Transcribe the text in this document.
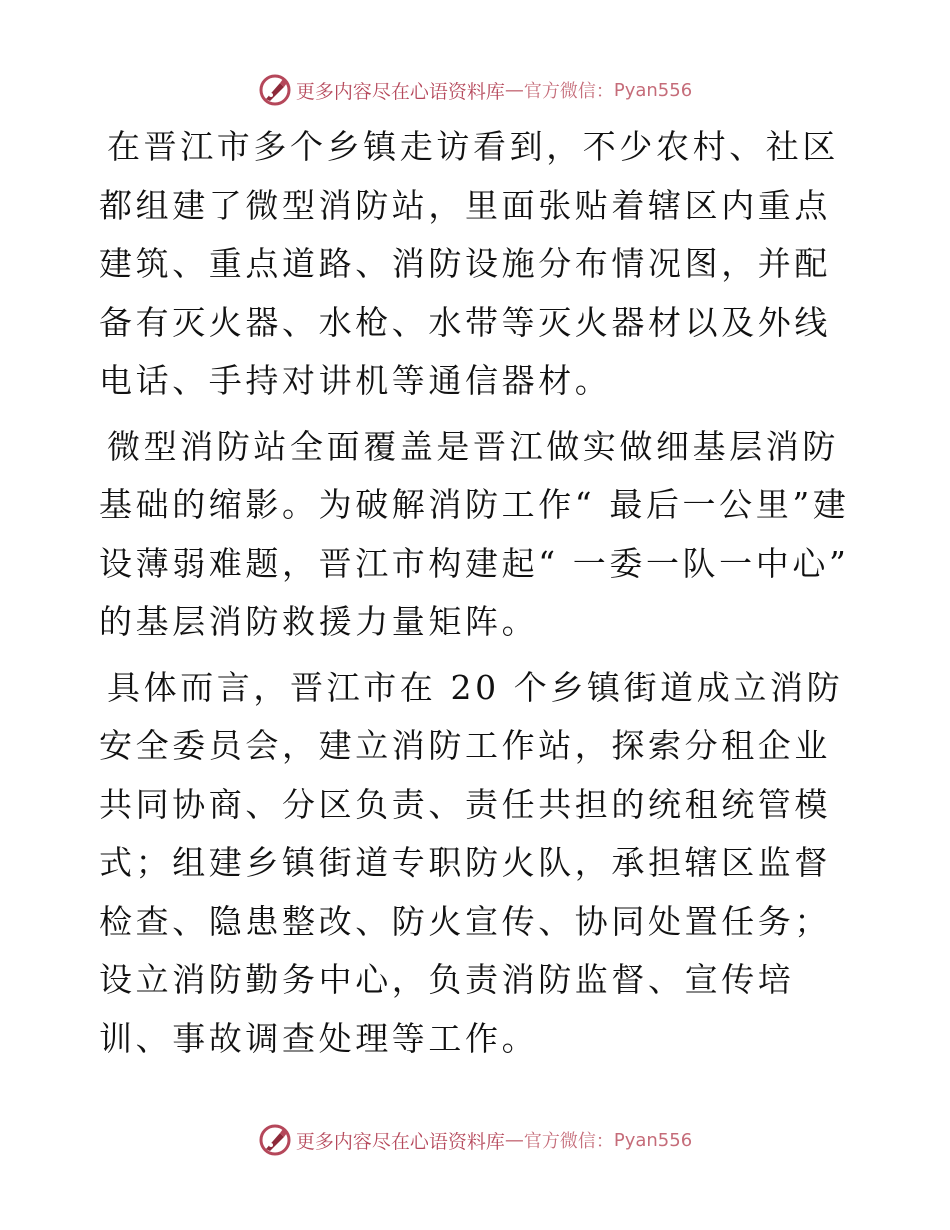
更多内容尽在心语资料库 — 官方微信： Pyan556

在晋江市多个乡镇走访看到，不少农村、社区都组建了微型消防站，里面张贴着辖区内重点建筑、重点道路、消防设施分布情况图，并配备有灭火器、水枪、水带等灭火器材以及外线电话、手持对讲机等通信器材。

微型消防站全面覆盖是晋江做实做细基层消防基础的缩影。为破解消防工作“ 最后一公里”建设薄弱难题，晋江市构建起“ 一委一队一中心” 的基层消防救援力量矩阵。

具体而言，晋江市在 20 个乡镇街道成立消防安全委员会，建立消防工作站，探索分租企业共同协商、分区负责、责任共担的统租统管模式；组建乡镇街道专职防火队，承担辖区监督检查、隐患整改、防火宣传、协同处置任务；设立消防勤务中心，负责消防监督、宣传培训、事故调查处理等工作。

更多内容尽在心语资料库 — 官方微信： Pyan556
